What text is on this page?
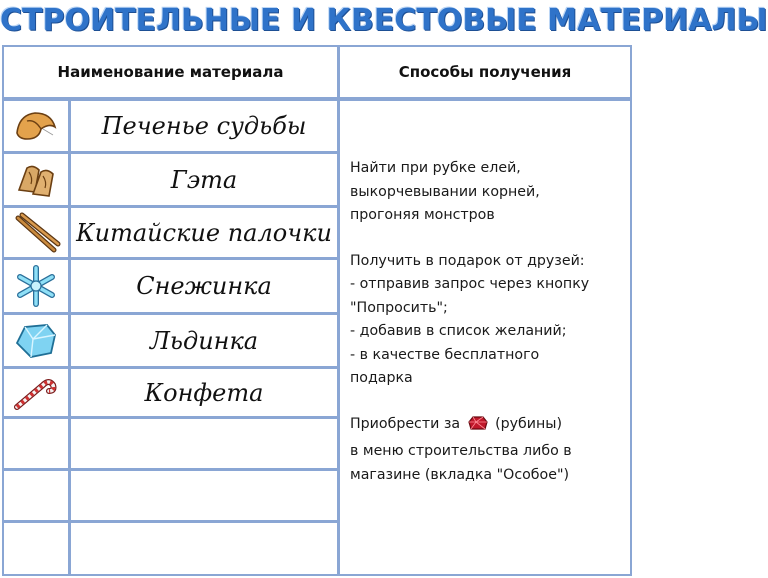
СТРОИТЕЛЬНЫЕ И КВЕСТОВЫЕ МАТЕРИАЛЫ
Наименование материала	Способы получения
Печенье судьбы
Гэта
Китайские палочки
Снежинка
Льдинка
Конфета
Найти при рубке елей,
выкорчевывании корней,
прогоняя монстров
Получить в подарок от друзей:
- отправив запрос через кнопку
"Попросить";
- добавив в список желаний;
- в качестве бесплатного
подарка
Приобрести за (рубины)
в меню строительства либо в
магазине (вкладка "Особое")
